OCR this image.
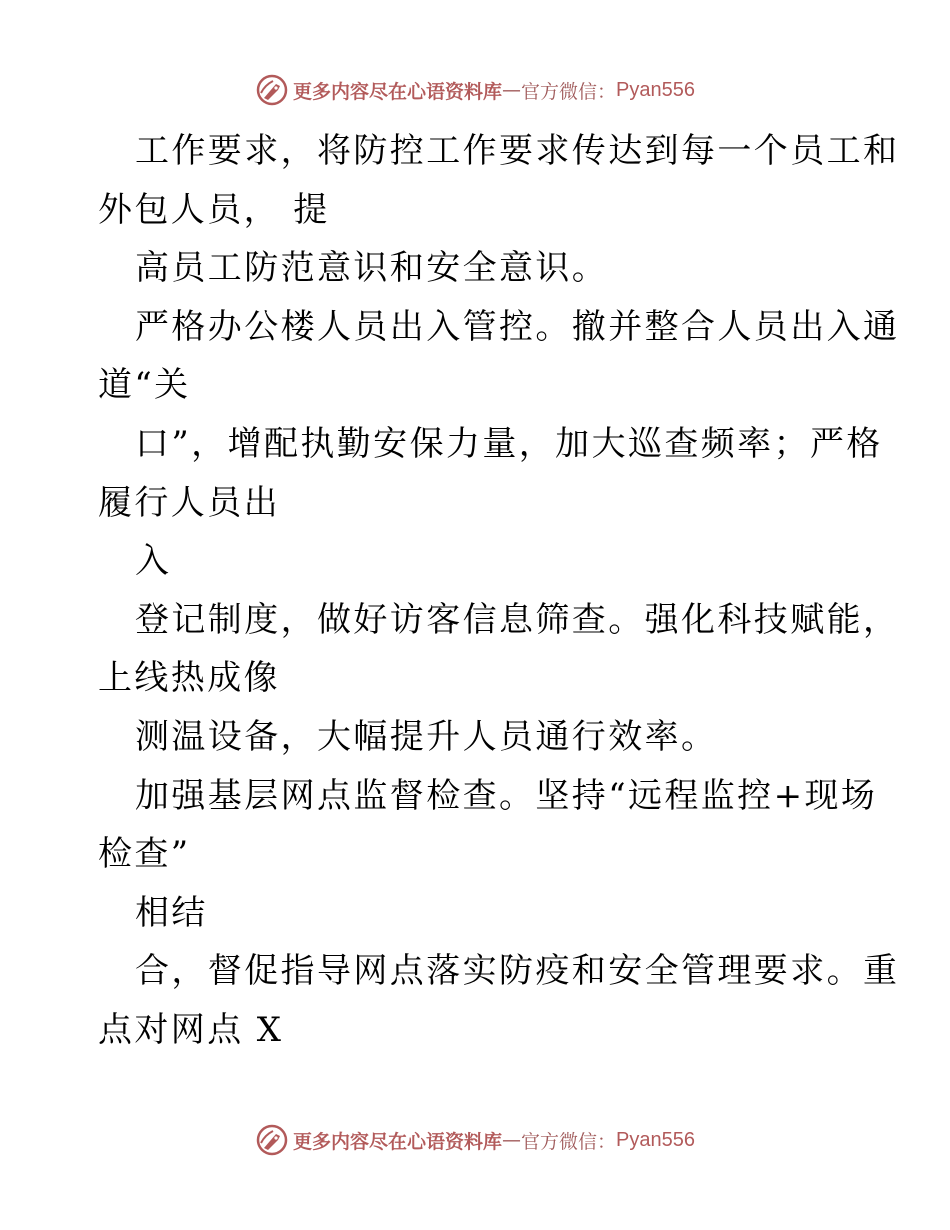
更多内容尽在心语资料库 — 官方微信： Pyan556
工作要求，将防控工作要求传达到每一个员工和
外包人员， 提
高员工防范意识和安全意识。
严格办公楼人员出入管控。撤并整合人员出入通
道“关
口”，增配执勤安保力量，加大巡查频率；严格
履行人员出
入
登记制度，做好访客信息筛查。强化科技赋能，
上线热成像
测温设备，大幅提升人员通行效率。
加强基层网点监督检查。坚持“远程监控+现场
检查”
相结
合，督促指导网点落实防疫和安全管理要求。重
点对网点 X
更多内容尽在心语资料库 — 官方微信： Pyan556
